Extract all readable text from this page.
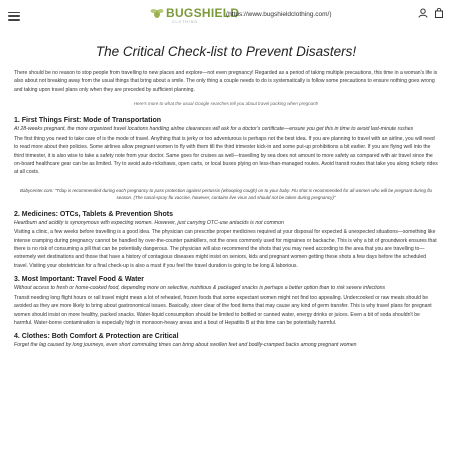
BUGSHIELD
CLOTHING
(https://www.bugshieldclothing.com/)
The Critical Check-list to Prevent Disasters!

There should be no reason to stop people from travelling to new places and explore—not even pregnancy! Regarded as a period of taking multiple precautions, this time in a woman's life is also about not breaking away from the usual things that bring about a smile. The only thing a couple needs to do is systematically is follow some precautions to ensure nothing goes wrong and taking upon travel plans only when they are preceded by sufficient planning.

Here's more to what the usual Google searches tell you about travel packing when pregnant!

1. First Things First: Mode of Transportation

At 28-weeks pregnant, the more organized travel locations handling airline clearances will ask for a doctor's certificate—ensure you get this in time to avoid last-minute rushes

The first thing you need to take care of is the mode of travel. Anything that is jerky or too adventurous is perhaps not the best idea. If you are planning to travel with an airline, you will need to read more about their policies. Some airlines allow pregnant women to fly with them till the third trimester kick-in and some put-up prohibitions a bit earlier. If you are flying well into the third trimester, it is also wise to take a safety note from your doctor. Same goes for cruises as well—travelling by sea does not amount to more safety as compared with air travel since the on-board healthcare gear can be as limited. Try to avoid auto-rickshaws, open carts, or local buses plying on less-than-managed routes. Avoid transit routes that take you along rickety rides at all costs.

Babycenter.com: "Tdap is recommended during each pregnancy to pass protection against pertussis (whooping cough) on to your baby. Flu shot is recommended for all women who will be pregnant during flu season. (The nasal-spray flu vaccine, however, contains live virus and should not be taken during pregnancy)"

2. Medicines: OTCs, Tablets & Prevention Shots

Heartburn and acidity is synonymous with expecting women. However, just carrying OTC-use antacids is not common

Visiting a clinic, a few weeks before travelling is a good idea. The physician can prescribe proper medicines required at your disposal for expected & unexpected situations—something like intense cramping during pregnancy cannot be handled by over-the-counter painkillers, not the ones commonly used for migraines or backache. This is why a bit of groundwork ensures that there is no risk of consuming a pill that can be potentially dangerous. The physician will also recommend the shots that you may need according to the area that you are travelling to—extremely wet destinations and those that have a history of contagious diseases might insist on seniors, kids and pregnant women getting these shots a few days before the scheduled travel. Visiting your obstetrician for a final check-up is also a must if you feel the travel duration is going to be long & laborious.

3. Most Important: Travel Food & Water

Without access to fresh or home-cooked food, depending more on selective, nutritious & packaged snacks is perhaps a better option than to risk severe infections

Transit needing long flight hours or rail travel might mean a lot of reheated, frozen foods that some expectant women might not find too appealing. Undercooked or raw meats should be avoided as they are more likely to bring about gastronomical issues. Basically, steer clear of the food items that may cause any kind of germ transfer. This is why travel plans for pregnant women should insist on more healthy, packed snacks. Water-liquid consumption should be limited to bottled or canned water, energy drinks or juices. Even a bit of soda shouldn't be harmful. Water-borne contamination is especially high in monsoon-heavy areas and a bout of Hepatitis B at this time can be potentially harmful.

4. Clothes: Both Comfort & Protection are Critical

Forget the lag caused by long journeys, even short commuting times can bring about swollen feet and bodily-cramped backs among pregnant women
